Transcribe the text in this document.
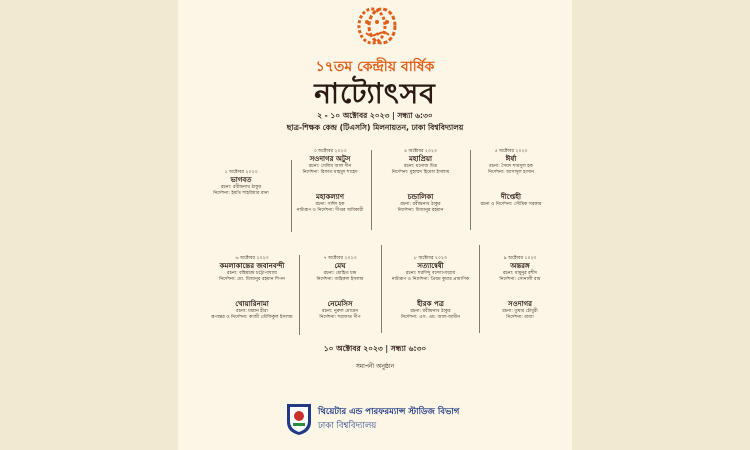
১৭তম কেন্দ্রীয় বার্ষিক
নাট্যোৎসব
২ - ১০ অক্টোবর ২০২৩ | সন্ধ্যা ৬:৩০
ছাত্র-শিক্ষক কেন্দ্র (টিএসসি) মিলনায়তন, ঢাকা বিশ্ববিদ্যালয়
৩ অক্টোবর ২০২৩
সওদাগর অটুস
রচনা: সেলিম আল দীন
নির্দেশনা: রিফাত মাহমুদ শাহেদ
৪ অক্টোবর ২০২৩
মহাপ্রিয়া
রচনা: মনোজ মিত্র
নির্দেশনা: মুহাম্মদ হিমেল ইসলাম
৫ অক্টোবর ২০২৩
ঈর্ষা
রচনা: সৈয়দ শামসুল হক
নির্দেশনা: আসাদুল হাসান
২ অক্টোবর ২০২৩
ভাগবত
রচনা: রবীন্দ্রনাথ ঠাকুর
নির্দেশনা: ইমতি শাহরিয়ার রানা	মহাকল্যাণ
রচনা: সাঈদ হক
নাট্যরূপ ও নির্দেশনা: দীপ্তর অধিকারী
চন্ডালিকা
রচনা: রবীন্দ্রনাথ ঠাকুর
নির্দেশনা: মিজানুর রহমান
দীপ্তেহী
রচনা ও নির্দেশনা: সৌমিক সরকার
৬ অক্টোবর ২০২৩
কমলাকান্তের জবানবন্দী
রচনা: বঙ্কিমচন্দ্র চট্টোপাধ্যায়
নির্দেশনা: মো. মিজানুর রহমান শিপন
৭ অক্টোবর ২০২৩
মেঘ
রচনা: মোহিত চন্দ্র
নির্দেশনা: জহিরুল ইসলাম
৮ অক্টোবর ২০২৩
সত্যান্বেষী
রচনা: শরদিন্দু বন্দ্যোপাধ্যায়
নাট্যরূপ ও নির্দেশনা: প্রিয়ম কুমার প্রামাণিক
৯ অক্টোবর ২০২৩
অন্তরঙ্গ
রচনা: মামুনুর রশীদ
নির্দেশনা: সোনালী রায়
খোয়ারিনামা
রচনা: মান্নান হীরা
রূপান্তর ও নির্দেশনা: কাজী তৌফিকুল ইসলাম
নেমেসিস
রচনা: নুরুল মোমেন
নির্দেশনা: শরাফাত দীপ
হীরক পত্র
রচনা: রবীন্দ্রনাথ ঠাকুর
নির্দেশনা: এস. এম. আল-আমীন
সওদাগর
রচনা: তুষার চৌধুরী
নির্দেশনা: রাজা
১০ অক্টোবর ২০২৩ | সন্ধ্যা ৬:৩০
সমাপনী অনুষ্ঠান
থিয়েটার এন্ড পারফরম্যান্স স্টাডিজ বিভাগ
ঢাকা বিশ্ববিদ্যালয়
